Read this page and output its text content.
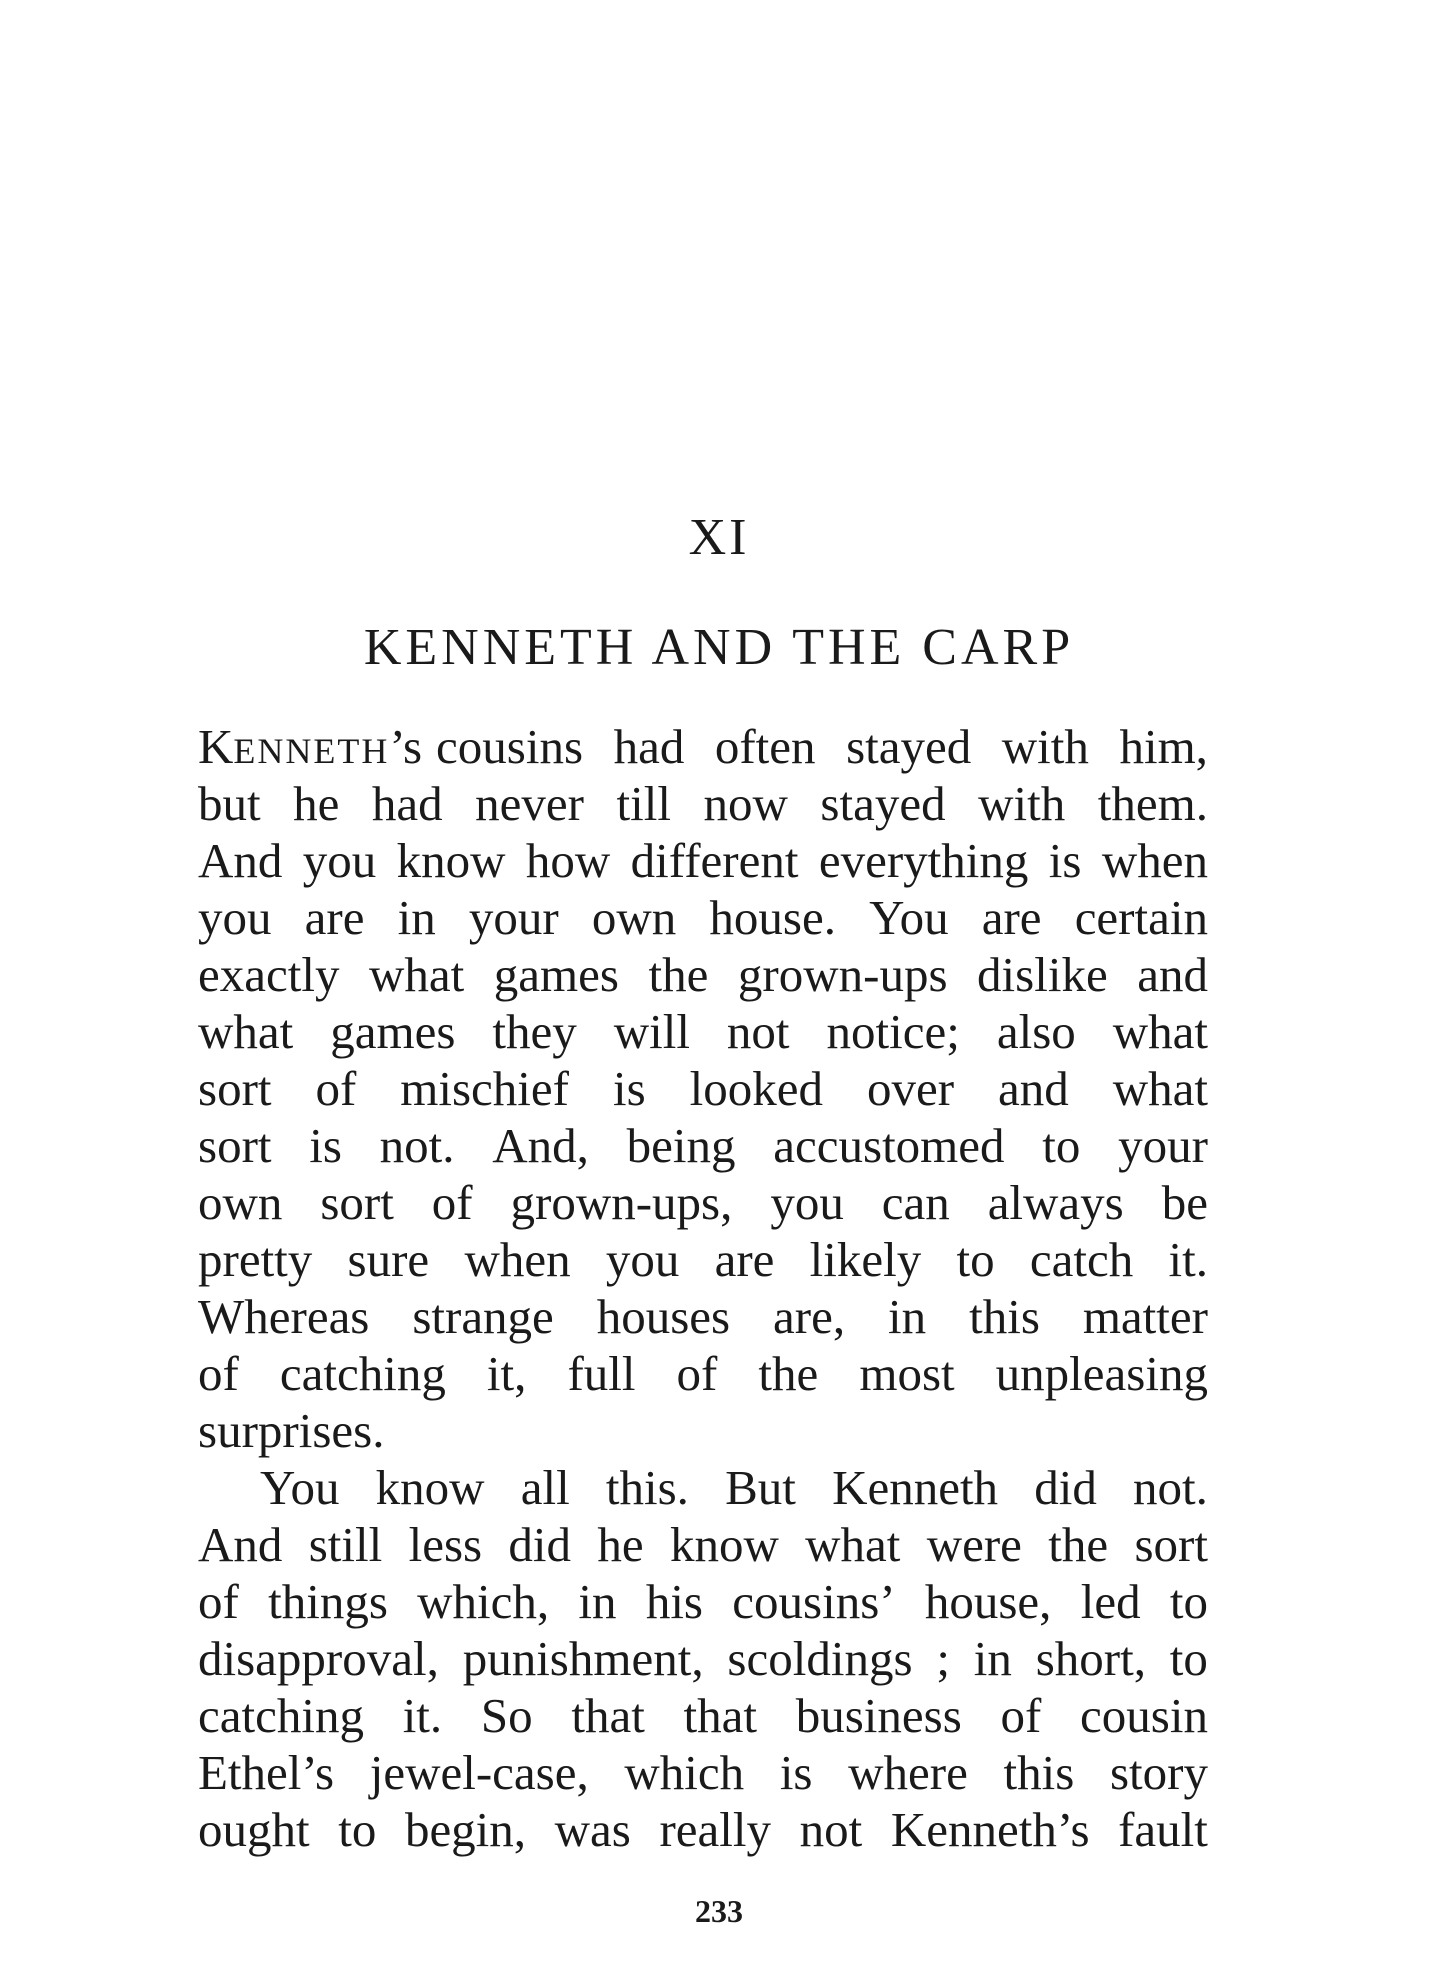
XI
KENNETH AND THE CARP
KENNETH’s cousins had often stayed with him,
but he had never till now stayed with them.
And you know how different everything is when
you are in your own house. You are certain
exactly what games the grown-ups dislike and
what games they will not notice; also what
sort of mischief is looked over and what
sort is not. And, being accustomed to your
own sort of grown-ups, you can always be
pretty sure when you are likely to catch it.
Whereas strange houses are, in this matter
of catching it, full of the most unpleasing
surprises.
You know all this. But Kenneth did not.
And still less did he know what were the sort
of things which, in his cousins’ house, led to
disapproval, punishment, scoldings ; in short, to
catching it. So that that business of cousin
Ethel’s jewel-case, which is where this story
ought to begin, was really not Kenneth’s fault
233
